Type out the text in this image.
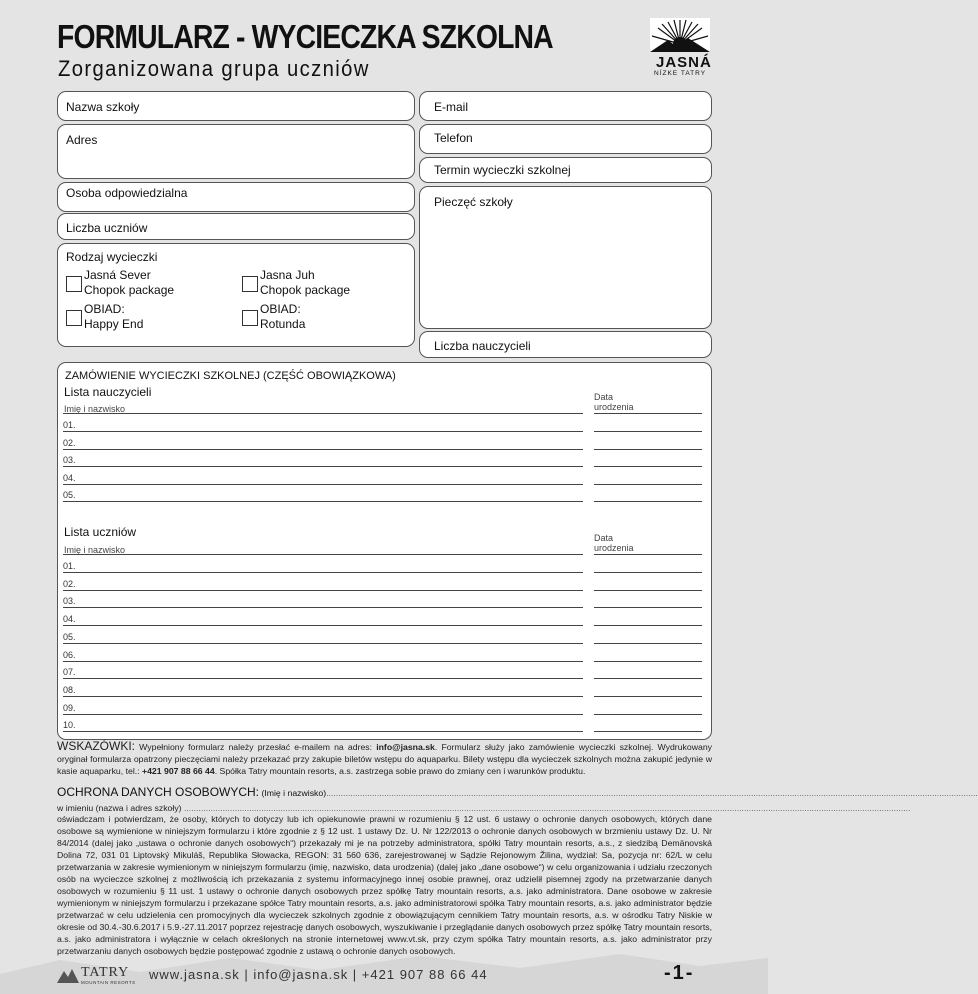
FORMULARZ - WYCIECZKA SZKOLNA
Zorganizowana grupa uczniów	JASNÁ
NÍZKE TATRY
Nazwa szkoły
Adres
Osoba odpowiedzialna
Liczba uczniów
Rodzaj wycieczki
Jasná Sever
Chopok package
Jasna Juh
Chopok package
OBIAD:
Happy End
OBIAD:
Rotunda
E-mail
Telefon
Termin wycieczki szkolnej
Pieczęć szkoły
Liczba nauczycieli
ZAMÓWIENIE WYCIECZKI SZKOLNEJ (CZĘŚĆ OBOWIĄZKOWA)
Lista nauczycieli
Imię i nazwisko
Data
urodzenia
01.
02.
03.
04.
05.
Lista uczniów
Imię i nazwisko
Data
urodzenia
01.
02.
03.
04.
05.
06.
07.
08.
09.
10.
WSKAZÓWKI: Wypełniony formularz należy przesłać e-mailem na adres: info@jasna.sk. Formularz służy jako zamówienie wycieczki szkolnej. Wydrukowany oryginał formularza opatrzony pieczęciami należy przekazać przy zakupie biletów wstępu do aquaparku. Bilety wstępu dla wycieczek szkolnych można zakupić jedynie w kasie aquaparku, tel.: +421 907 88 66 44. Spółka Tatry mountain resorts, a.s. zastrzega sobie prawo do zmiany cen i warunków produktu.
OCHRONA DANYCH OSOBOWYCH: (Imię i nazwisko)..............................................................................................................................................................................................................................................................................
w imieniu (nazwa i adres szkoły) .............................................................................................................................................................................................................................................................................................................
oświadczam i potwierdzam, że osoby, których to dotyczy lub ich opiekunowie prawni w rozumieniu § 12 ust. 6 ustawy o ochronie danych osobowych, których dane osobowe są wymienione w niniejszym formularzu i które zgodnie z § 12 ust. 1 ustawy Dz. U. Nr 122/2013 o ochronie danych osobowych w brzmieniu ustawy Dz. U. Nr 84/2014 (dalej jako „ustawa o ochronie danych osobowych“) przekazały mi je na potrzeby administratora, spółki Tatry mountain resorts, a.s., z siedzibą Demänovská Dolina 72, 031 01 Liptovský Mikuláš, Republika Słowacka, REGON: 31 560 636, zarejestrowanej w Sądzie Rejonowym Žilina, wydział: Sa, pozycja nr: 62/L w celu przetwarzania w zakresie wymienionym w niniejszym formularzu (imię, nazwisko, data urodzenia) (dalej jako „dane osobowe“) w celu organizowania i udziału rzeczonych osób na wycieczce szkolnej z możliwością ich przekazania z systemu informacyjnego innej osobie prawnej, oraz udzielił pisemnej zgody na przetwarzanie danych osobowych w rozumieniu § 11 ust. 1 ustawy o ochronie danych osobowych przez spółkę Tatry mountain resorts, a.s. jako administratora. Dane osobowe w zakresie wymienionym w niniejszym formularzu i przekazane spółce Tatry mountain resorts, a.s. jako administratorowi spółka Tatry mountain resorts, a.s. jako administrator będzie przetwarzać w celu udzielenia cen promocyjnych dla wycieczek szkolnych zgodnie z obowiązującym cennikiem Tatry mountain resorts, a.s. w ośrodku Tatry Niskie w okresie od 30.4.-30.6.2017 i 5.9.-27.11.2017 poprzez rejestrację danych osobowych, wyszukiwanie i przeglądanie danych osobowych przez spółkę Tatry mountain resorts, a.s. jako administratora i wyłącznie w celach określonych na stronie internetowej www.vt.sk, przy czym spółka Tatry mountain resorts, a.s. jako administrator przy przetwarzaniu danych osobowych będzie postępować zgodnie z ustawą o ochronie danych osobowych.
TATRY
MOUNTAIN RESORTS
www.jasna.sk | info@jasna.sk | +421 907 88 66 44	-1-
